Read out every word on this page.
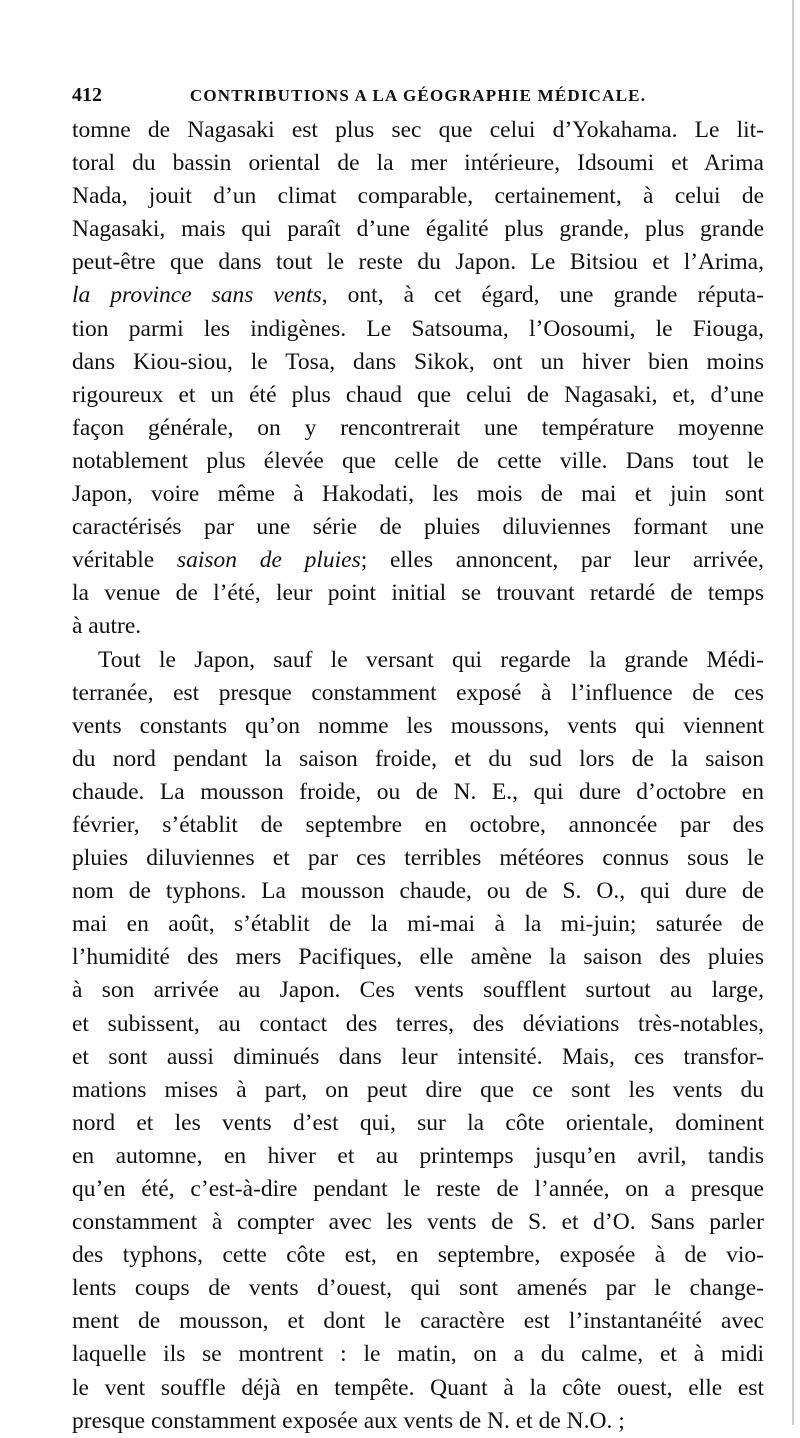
412	CONTRIBUTIONS A LA GÉOGRAPHIE MÉDICALE.

tomne de Nagasaki est plus sec que celui d’Yokahama. Le lit-
toral du bassin oriental de la mer intérieure, Idsoumi et Arima
Nada, jouit d’un climat comparable, certainement, à celui de
Nagasaki, mais qui paraît d’une égalité plus grande, plus grande
peut-être que dans tout le reste du Japon. Le Bitsiou et l’Arima,
la province sans vents, ont, à cet égard, une grande réputa-
tion parmi les indigènes. Le Satsouma, l’Oosoumi, le Fiouga,
dans Kiou-siou, le Tosa, dans Sikok, ont un hiver bien moins
rigoureux et un été plus chaud que celui de Nagasaki, et, d’une
façon générale, on y rencontrerait une température moyenne
notablement plus élevée que celle de cette ville. Dans tout le
Japon, voire même à Hakodati, les mois de mai et juin sont
caractérisés par une série de pluies diluviennes formant une
véritable saison de pluies; elles annoncent, par leur arrivée,
la venue de l’été, leur point initial se trouvant retardé de temps
à autre.

Tout le Japon, sauf le versant qui regarde la grande Médi-
terranée, est presque constamment exposé à l’influence de ces
vents constants qu’on nomme les moussons, vents qui viennent
du nord pendant la saison froide, et du sud lors de la saison
chaude. La mousson froide, ou de N. E., qui dure d’octobre en
février, s’établit de septembre en octobre, annoncée par des
pluies diluviennes et par ces terribles météores connus sous le
nom de typhons. La mousson chaude, ou de S. O., qui dure de
mai en août, s’établit de la mi-mai à la mi-juin; saturée de
l’humidité des mers Pacifiques, elle amène la saison des pluies
à son arrivée au Japon. Ces vents soufflent surtout au large,
et subissent, au contact des terres, des déviations très-notables,
et sont aussi diminués dans leur intensité. Mais, ces transfor-
mations mises à part, on peut dire que ce sont les vents du
nord et les vents d’est qui, sur la côte orientale, dominent
en automne, en hiver et au printemps jusqu’en avril, tandis
qu’en été, c’est-à-dire pendant le reste de l’année, on a presque
constamment à compter avec les vents de S. et d’O. Sans parler
des typhons, cette côte est, en septembre, exposée à de vio-
lents coups de vents d’ouest, qui sont amenés par le change-
ment de mousson, et dont le caractère est l’instantanéité avec
laquelle ils se montrent : le matin, on a du calme, et à midi
le vent souffle déjà en tempête. Quant à la côte ouest, elle est
presque constamment exposée aux vents de N. et de N.O. ;
